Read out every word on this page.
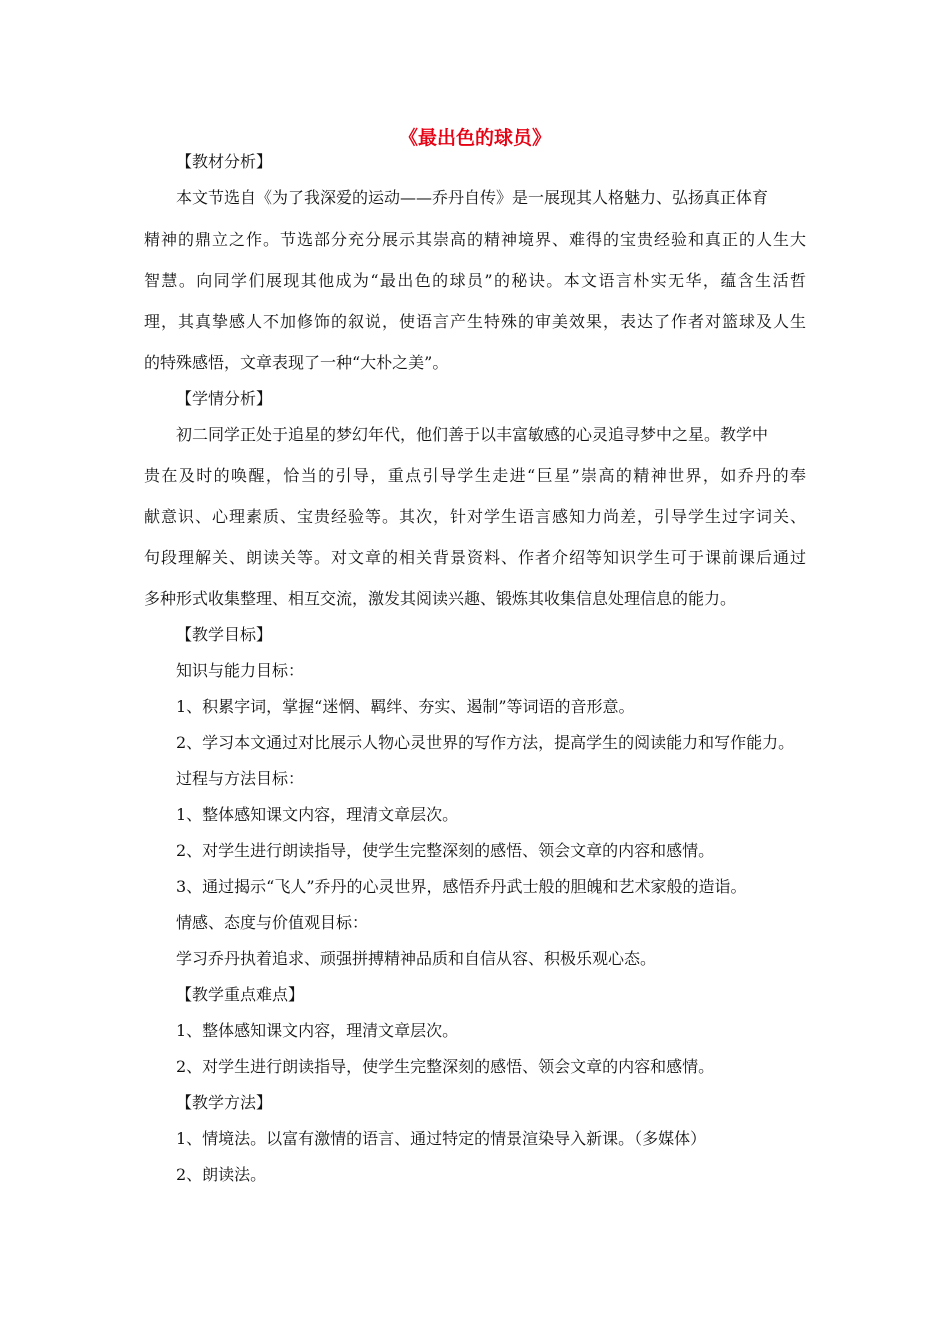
《最出色的球员》

【教材分析】

本文节选自《为了我深爱的运动——乔丹自传》是一展现其人格魅力、弘扬真正体育

精神的鼎立之作。节选部分充分展示其崇高的精神境界、难得的宝贵经验和真正的人生大

智慧。向同学们展现其他成为“最出色的球员”的秘诀。本文语言朴实无华，蕴含生活哲

理，其真挚感人不加修饰的叙说，使语言产生特殊的审美效果，表达了作者对篮球及人生

的特殊感悟，文章表现了一种“大朴之美”。

【学情分析】

初二同学正处于追星的梦幻年代，他们善于以丰富敏感的心灵追寻梦中之星。教学中

贵在及时的唤醒，恰当的引导，重点引导学生走进“巨星”崇高的精神世界，如乔丹的奉

献意识、心理素质、宝贵经验等。其次，针对学生语言感知力尚差，引导学生过字词关、

句段理解关、朗读关等。对文章的相关背景资料、作者介绍等知识学生可于课前课后通过

多种形式收集整理、相互交流，激发其阅读兴趣、锻炼其收集信息处理信息的能力。

【教学目标】

知识与能力目标：

1、积累字词，掌握“迷惘、羁绊、夯实、遏制”等词语的音形意。

2、学习本文通过对比展示人物心灵世界的写作方法，提高学生的阅读能力和写作能力。

过程与方法目标：

1、整体感知课文内容，理清文章层次。

2、对学生进行朗读指导，使学生完整深刻的感悟、领会文章的内容和感情。

3、通过揭示“飞人”乔丹的心灵世界，感悟乔丹武士般的胆魄和艺术家般的造诣。

情感、态度与价值观目标：

学习乔丹执着追求、顽强拼搏精神品质和自信从容、积极乐观心态。

【教学重点难点】

1、整体感知课文内容，理清文章层次。

2、对学生进行朗读指导，使学生完整深刻的感悟、领会文章的内容和感情。

【教学方法】

1、情境法。以富有激情的语言、通过特定的情景渲染导入新课。（多媒体）

2、朗读法。
